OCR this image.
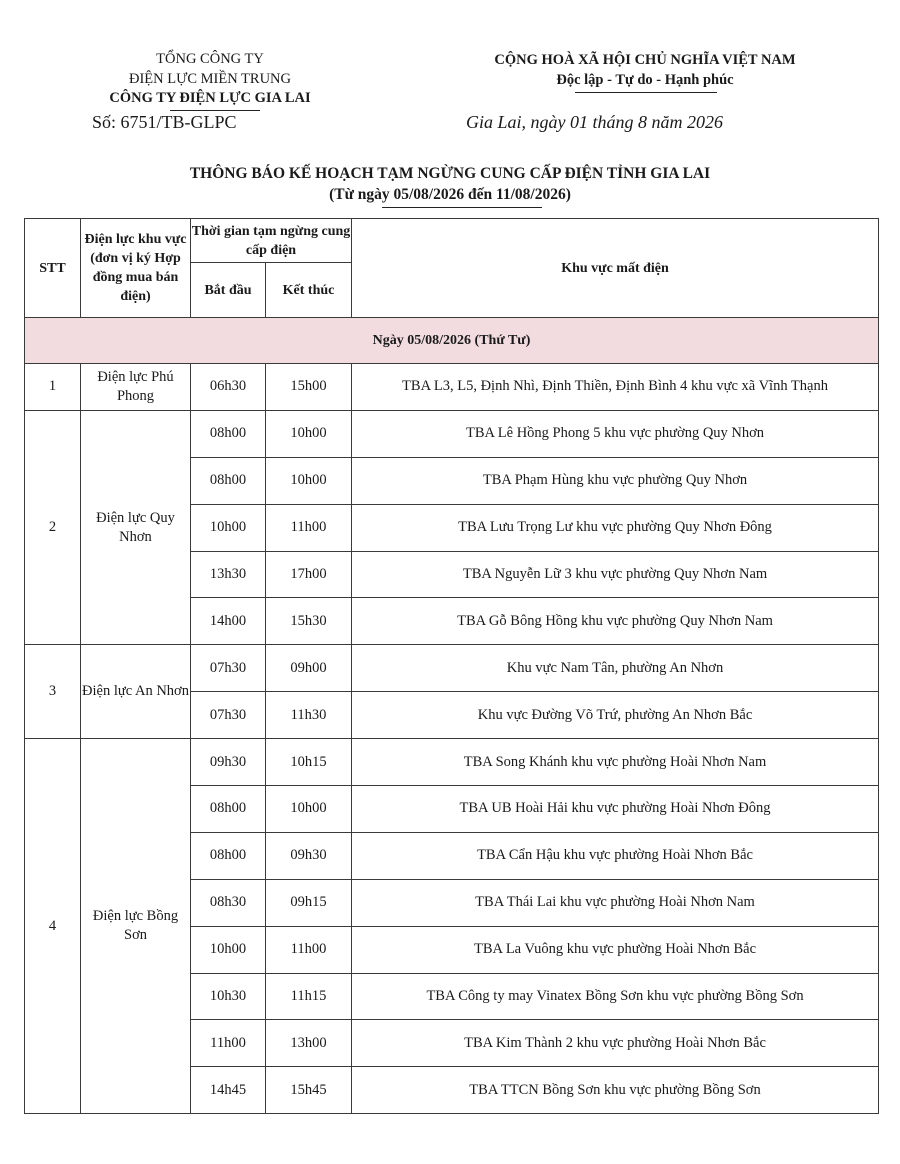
TỔNG CÔNG TY
ĐIỆN LỰC MIỀN TRUNG
CÔNG TY ĐIỆN LỰC GIA LAI
Số: 6751/TB-GLPC
CỘNG HOÀ XÃ HỘI CHỦ NGHĨA VIỆT NAM
Độc lập - Tự do - Hạnh phúc
Gia Lai, ngày 01 tháng 8 năm 2026
THÔNG BÁO KẾ HOẠCH TẠM NGỪNG CUNG CẤP ĐIỆN TỈNH GIA LAI
(Từ ngày 05/08/2026 đến 11/08/2026)
STT	Điện lực khu vực (đơn vị ký Hợp đồng mua bán điện)	Thời gian tạm ngừng cung cấp điện		Khu vực mất điện
		Bắt đầu	Kết thúc	
Ngày 05/08/2026 (Thứ Tư)				
1	Điện lực Phú Phong	06h30	15h00	TBA L3, L5, Định Nhì, Định Thiền, Định Bình 4 khu vực xã Vĩnh Thạnh
2	Điện lực Quy Nhơn	08h00	10h00	TBA Lê Hồng Phong 5 khu vực phường Quy Nhơn
		08h00	10h00	TBA Phạm Hùng khu vực phường Quy Nhơn
		10h00	11h00	TBA Lưu Trọng Lư khu vực phường Quy Nhơn Đông
		13h30	17h00	TBA Nguyễn Lữ 3 khu vực phường Quy Nhơn Nam
		14h00	15h30	TBA Gỗ Bông Hồng khu vực phường Quy Nhơn Nam
3	Điện lực An Nhơn	07h30	09h00	Khu vực Nam Tân, phường An Nhơn
		07h30	11h30	Khu vực Đường Võ Trứ, phường An Nhơn Bắc
4	Điện lực Bồng Sơn	09h30	10h15	TBA Song Khánh khu vực phường Hoài Nhơn Nam
		08h00	10h00	TBA UB Hoài Hải khu vực phường Hoài Nhơn Đông
		08h00	09h30	TBA Cẩn Hậu khu vực phường Hoài Nhơn Bắc
		08h30	09h15	TBA Thái Lai khu vực phường Hoài Nhơn Nam
		10h00	11h00	TBA La Vuông khu vực phường Hoài Nhơn Bắc
		10h30	11h15	TBA Công ty may Vinatex Bồng Sơn khu vực phường Bồng Sơn
		11h00	13h00	TBA Kim Thành 2 khu vực phường Hoài Nhơn Bắc
		14h45	15h45	TBA TTCN Bồng Sơn khu vực phường Bồng Sơn
